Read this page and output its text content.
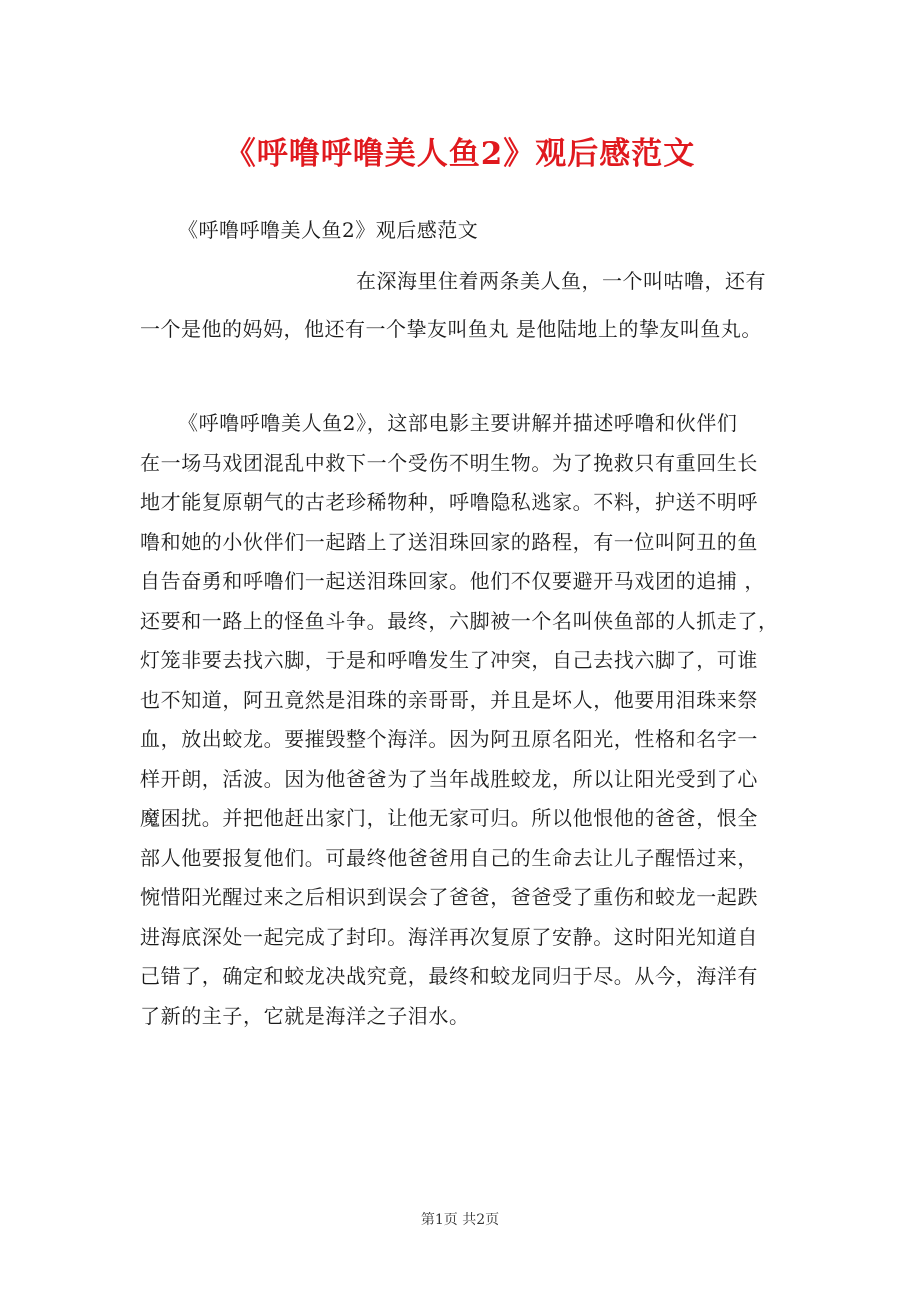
《呼噜呼噜美人鱼2》观后感范文
《呼噜呼噜美人鱼2》观后感范文
在深海里住着两条美人鱼，一个叫咕噜，还有
一个是他的妈妈，他还有一个挚友叫鱼丸 是他陆地上的挚友叫鱼丸。
《呼噜呼噜美人鱼2》，这部电影主要讲解并描述呼噜和伙伴们
在一场马戏团混乱中救下一个受伤不明生物。为了挽救只有重回生长
地才能复原朝气的古老珍稀物种，呼噜隐私逃家。不料，护送不明呼
噜和她的小伙伴们一起踏上了送泪珠回家的路程，有一位叫阿丑的鱼
自告奋勇和呼噜们一起送泪珠回家。他们不仅要避开马戏团的追捕 ，
还要和一路上的怪鱼斗争。最终，六脚被一个名叫侠鱼部的人抓走了，
灯笼非要去找六脚，于是和呼噜发生了冲突，自己去找六脚了，可谁
也不知道，阿丑竟然是泪珠的亲哥哥，并且是坏人，他要用泪珠来祭
血，放出蛟龙。要摧毁整个海洋。因为阿丑原名阳光，性格和名字一
样开朗，活波。因为他爸爸为了当年战胜蛟龙，所以让阳光受到了心
魔困扰。并把他赶出家门，让他无家可归。所以他恨他的爸爸，恨全
部人他要报复他们。可最终他爸爸用自己的生命去让儿子醒悟过来，
惋惜阳光醒过来之后相识到误会了爸爸，爸爸受了重伤和蛟龙一起跌
进海底深处一起完成了封印。海洋再次复原了安静。这时阳光知道自
己错了，确定和蛟龙决战究竟，最终和蛟龙同归于尽。从今，海洋有
了新的主子，它就是海洋之子泪水。
第1页 共2页
